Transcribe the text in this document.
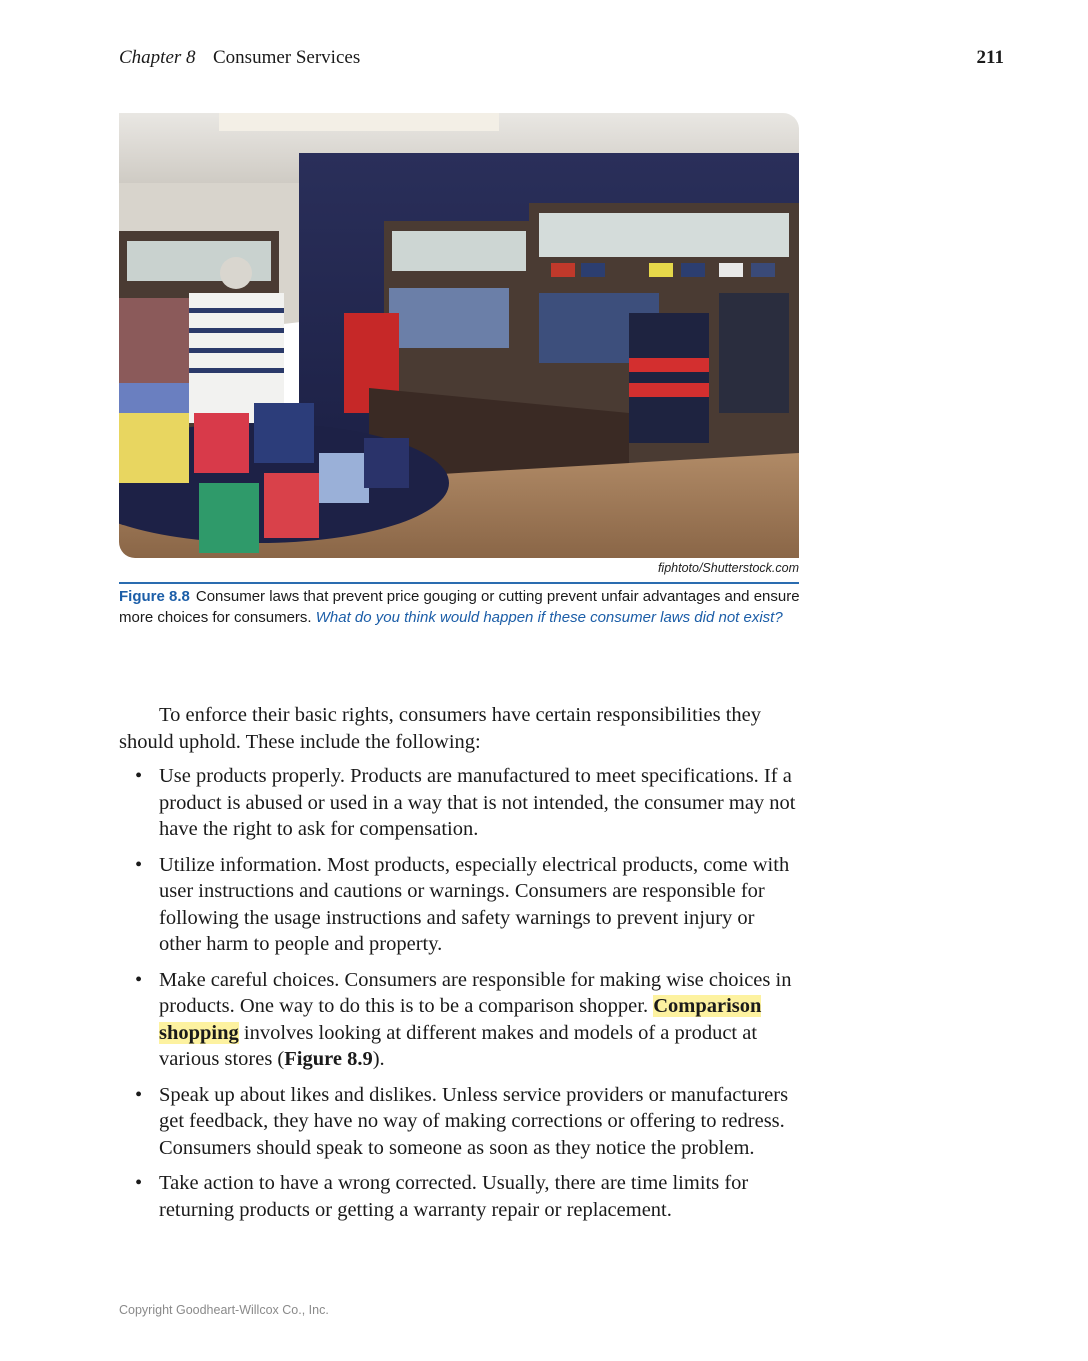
Chapter 8 Consumer Services	211
fiphtoto/Shutterstock.com
Figure 8.8 Consumer laws that prevent price gouging or cutting prevent unfair advantages and ensure more choices for consumers. What do you think would happen if these consumer laws did not exist?

To enforce their basic rights, consumers have certain responsibilities they should uphold. These include the following:

• Use products properly. Products are manufactured to meet specifications. If a product is abused or used in a way that is not intended, the consumer may not have the right to ask for compensation.
• Utilize information. Most products, especially electrical products, come with user instructions and cautions or warnings. Consumers are responsible for following the usage instructions and safety warnings to prevent injury or other harm to people and property.
• Make careful choices. Consumers are responsible for making wise choices in products. One way to do this is to be a comparison shopper. Comparison shopping involves looking at different makes and models of a product at various stores (Figure 8.9).
• Speak up about likes and dislikes. Unless service providers or manufacturers get feedback, they have no way of making corrections or offering to redress. Consumers should speak to someone as soon as they notice the problem.
• Take action to have a wrong corrected. Usually, there are time limits for returning products or getting a warranty repair or replacement.
Copyright Goodheart-Willcox Co., Inc.
